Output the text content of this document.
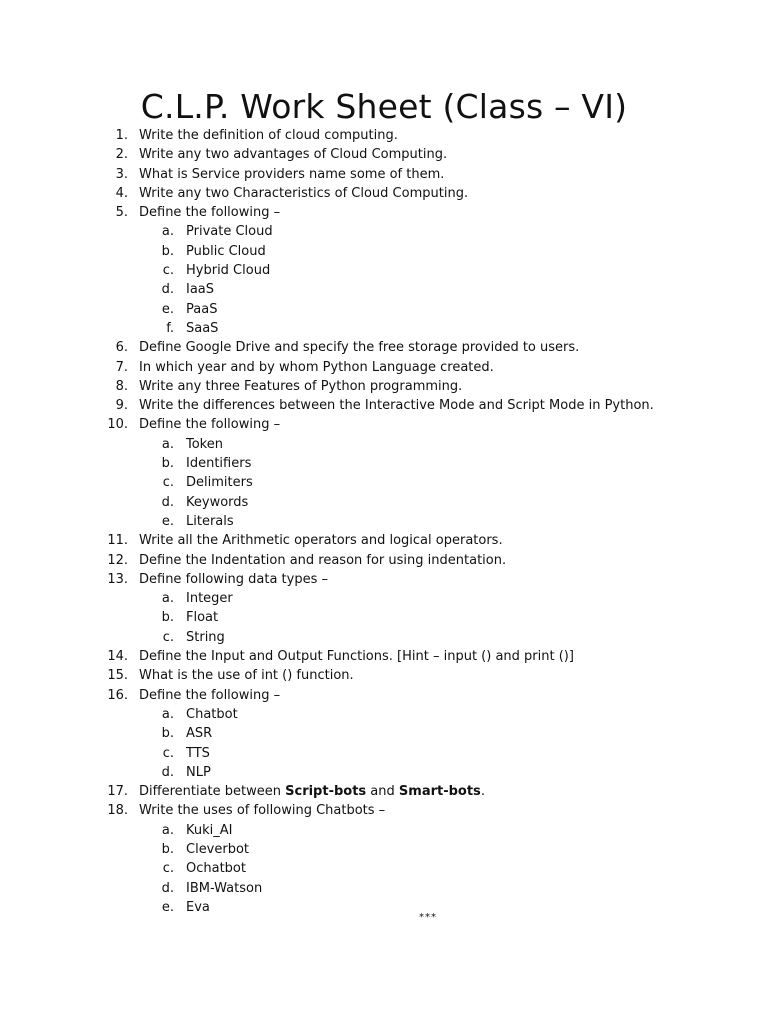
C.L.P. Work Sheet (Class – VI)
1. Write the definition of cloud computing.
2. Write any two advantages of Cloud Computing.
3. What is Service providers name some of them.
4. Write any two Characteristics of Cloud Computing.
5. Define the following –
a. Private Cloud
b. Public Cloud
c. Hybrid Cloud
d. IaaS
e. PaaS
f. SaaS
6. Define Google Drive and specify the free storage provided to users.
7. In which year and by whom Python Language created.
8. Write any three Features of Python programming.
9. Write the differences between the Interactive Mode and Script Mode in Python.
10. Define the following –
a. Token
b. Identifiers
c. Delimiters
d. Keywords
e. Literals
11. Write all the Arithmetic operators and logical operators.
12. Define the Indentation and reason for using indentation.
13. Define following data types –
a. Integer
b. Float
c. String
14. Define the Input and Output Functions. [Hint – input () and print ()]
15. What is the use of int () function.
16. Define the following –
a. Chatbot
b. ASR
c. TTS
d. NLP
17. Differentiate between Script-bots and Smart-bots.
18. Write the uses of following Chatbots –
a. Kuki_AI
b. Cleverbot
c. Ochatbot
d. IBM-Watson
e. Eva
***
